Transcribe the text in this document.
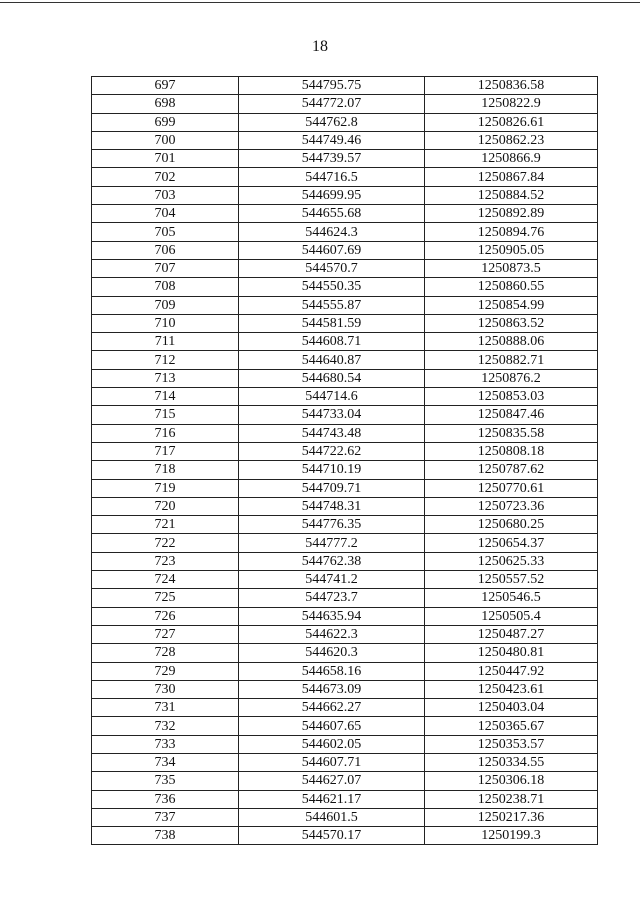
18
697	544795.75	1250836.58
698	544772.07	1250822.9
699	544762.8	1250826.61
700	544749.46	1250862.23
701	544739.57	1250866.9
702	544716.5	1250867.84
703	544699.95	1250884.52
704	544655.68	1250892.89
705	544624.3	1250894.76
706	544607.69	1250905.05
707	544570.7	1250873.5
708	544550.35	1250860.55
709	544555.87	1250854.99
710	544581.59	1250863.52
711	544608.71	1250888.06
712	544640.87	1250882.71
713	544680.54	1250876.2
714	544714.6	1250853.03
715	544733.04	1250847.46
716	544743.48	1250835.58
717	544722.62	1250808.18
718	544710.19	1250787.62
719	544709.71	1250770.61
720	544748.31	1250723.36
721	544776.35	1250680.25
722	544777.2	1250654.37
723	544762.38	1250625.33
724	544741.2	1250557.52
725	544723.7	1250546.5
726	544635.94	1250505.4
727	544622.3	1250487.27
728	544620.3	1250480.81
729	544658.16	1250447.92
730	544673.09	1250423.61
731	544662.27	1250403.04
732	544607.65	1250365.67
733	544602.05	1250353.57
734	544607.71	1250334.55
735	544627.07	1250306.18
736	544621.17	1250238.71
737	544601.5	1250217.36
738	544570.17	1250199.3
